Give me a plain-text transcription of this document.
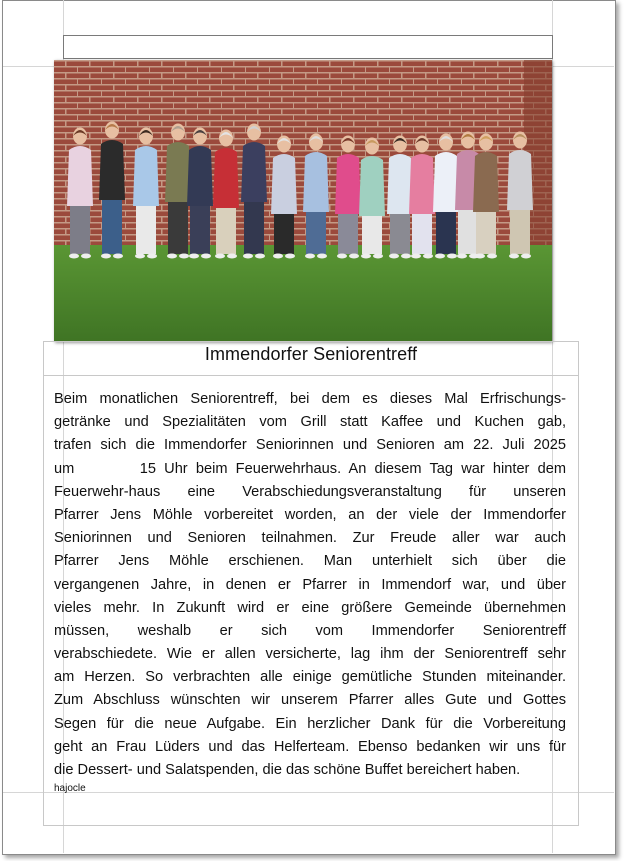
Immendorfer Seniorentreff
Beim monatlichen Seniorentreff, bei dem es dieses Mal Erfrischungs-
getränke und Spezialitäten vom Grill statt Kaffee und Kuchen gab,
trafen sich die Immendorfer Seniorinnen und Senioren am 22. Juli 2025
um        15 Uhr beim Feuerwehrhaus. An diesem Tag war hinter dem
Feuerwehr-haus eine Verabschiedungsveranstaltung für unseren
Pfarrer Jens Möhle vorbereitet worden, an der viele der Immendorfer
Seniorinnen und Senioren teilnahmen. Zur Freude aller war auch
Pfarrer Jens Möhle erschienen. Man unterhielt sich über die
vergangenen Jahre, in denen er Pfarrer in Immendorf war, und über
vieles mehr. In Zukunft wird er eine größere Gemeinde übernehmen
müssen, weshalb er sich vom Immendorfer Seniorentreff
verabschiedete. Wie er allen versicherte, lag ihm der Seniorentreff sehr
am Herzen. So verbrachten alle einige gemütliche Stunden miteinander.
Zum Abschluss wünschten wir unserem Pfarrer alles Gute und Gottes
Segen für die neue Aufgabe. Ein herzlicher Dank für die Vorbereitung
geht an Frau Lüders und das Helferteam. Ebenso bedanken wir uns für
die Dessert- und Salatspenden, die das schöne Buffet bereichert haben.
hajocle
